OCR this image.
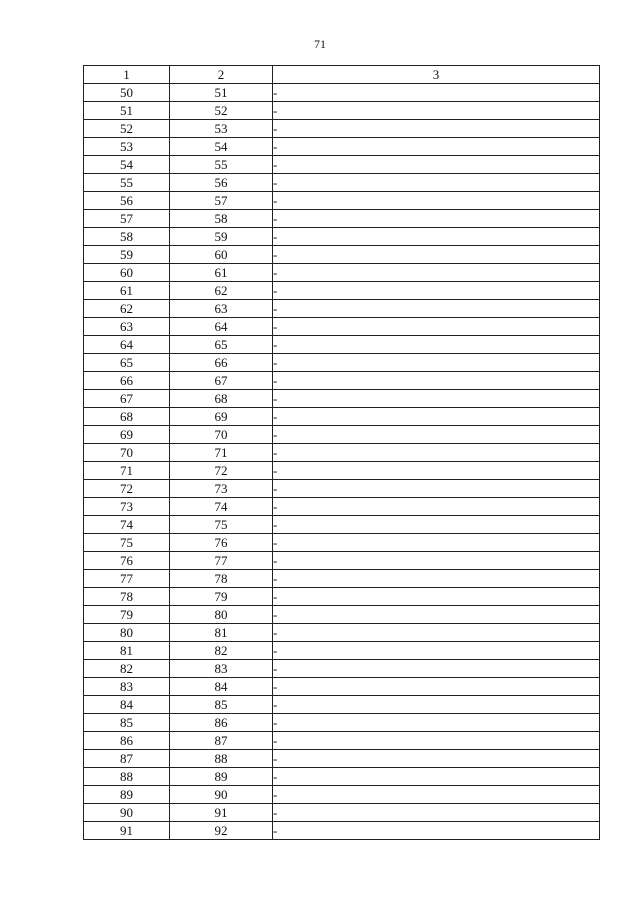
71
1	2	3
50	51	-
51	52	-
52	53	-
53	54	-
54	55	-
55	56	-
56	57	-
57	58	-
58	59	-
59	60	-
60	61	-
61	62	-
62	63	-
63	64	-
64	65	-
65	66	-
66	67	-
67	68	-
68	69	-
69	70	-
70	71	-
71	72	-
72	73	-
73	74	-
74	75	-
75	76	-
76	77	-
77	78	-
78	79	-
79	80	-
80	81	-
81	82	-
82	83	-
83	84	-
84	85	-
85	86	-
86	87	-
87	88	-
88	89	-
89	90	-
90	91	-
91	92	-
